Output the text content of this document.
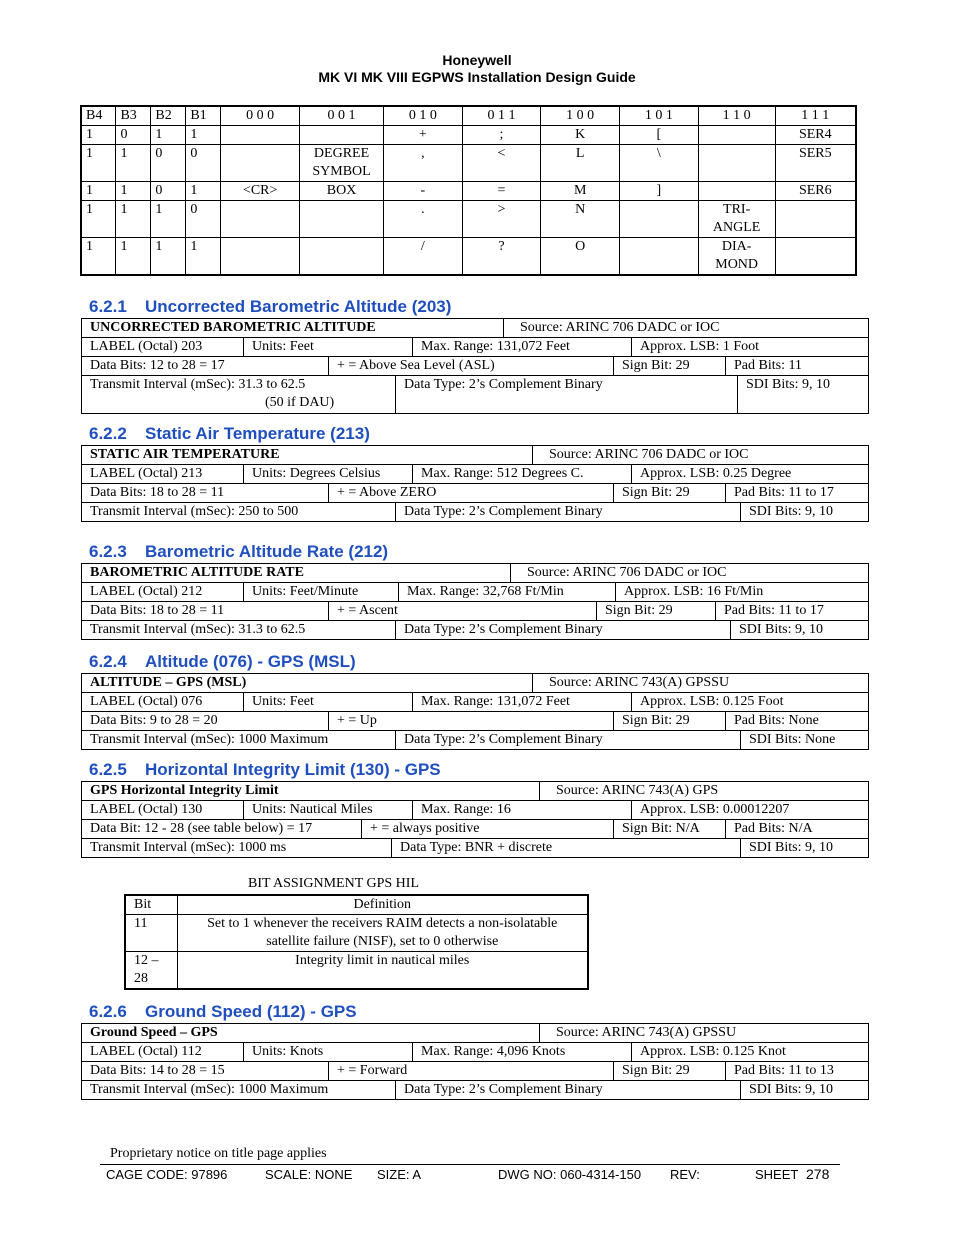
Honeywell
MK VI MK VIII EGPWS Installation Design Guide
B4	B3	B2	B1	0 0 0	0 0 1	0 1 0	0 1 1	1 0 0	1 0 1	1 1 0	1 1 1
1	0	1	1			+	;	K	[		SER4
1	1	0	0		DEGREE SYMBOL	,	<	L	\		SER5
1	1	0	1	<CR>	BOX	-	=	M	]		SER6
1	1	1	0			.	>	N		TRI-ANGLE	
1	1	1	1			/	?	O		DIA-MOND	
6.2.1 Uncorrected Barometric Altitude (203)
UNCORRECTED BAROMETRIC ALTITUDE	Source: ARINC 706 DADC or IOC
LABEL (Octal) 203	Units: Feet	Max. Range: 131,072 Feet	Approx. LSB: 1 Foot
Data Bits: 12 to 28 = 17	+ = Above Sea Level (ASL)	Sign Bit: 29	Pad Bits: 11
Transmit Interval (mSec): 31.3 to 62.5
(50 if DAU)
Data Type: 2’s Complement Binary	SDI Bits: 9, 10
6.2.2 Static Air Temperature (213)
STATIC AIR TEMPERATURE	Source: ARINC 706 DADC or IOC
LABEL (Octal) 213	Units: Degrees Celsius	Max. Range: 512 Degrees C.	Approx. LSB: 0.25 Degree
Data Bits: 18 to 28 = 11	+ = Above ZERO	Sign Bit: 29	Pad Bits: 11 to 17
Transmit Interval (mSec): 250 to 500	Data Type: 2’s Complement Binary	SDI Bits: 9, 10
6.2.3 Barometric Altitude Rate (212)
BAROMETRIC ALTITUDE RATE	Source: ARINC 706 DADC or IOC
LABEL (Octal) 212	Units: Feet/Minute	Max. Range: 32,768 Ft/Min	Approx. LSB: 16 Ft/Min
Data Bits: 18 to 28 = 11	+ = Ascent	Sign Bit: 29	Pad Bits: 11 to 17
Transmit Interval (mSec): 31.3 to 62.5	Data Type: 2’s Complement Binary	SDI Bits: 9, 10
6.2.4 Altitude (076) - GPS (MSL)
ALTITUDE – GPS (MSL)	Source: ARINC 743(A) GPSSU
LABEL (Octal) 076	Units: Feet	Max. Range: 131,072 Feet	Approx. LSB: 0.125 Foot
Data Bits: 9 to 28 = 20	+ = Up	Sign Bit: 29	Pad Bits: None
Transmit Interval (mSec): 1000 Maximum	Data Type: 2’s Complement Binary	SDI Bits: None
6.2.5 Horizontal Integrity Limit (130) - GPS
GPS Horizontal Integrity Limit	Source: ARINC 743(A) GPS
LABEL (Octal) 130	Units: Nautical Miles	Max. Range: 16	Approx. LSB: 0.00012207
Data Bit: 12 - 28 (see table below) = 17	+ = always positive	Sign Bit: N/A	Pad Bits: N/A
Transmit Interval (mSec): 1000 ms	Data Type: BNR + discrete	SDI Bits: 9, 10
6.2.6 Ground Speed (112) - GPS
Ground Speed – GPS	Source: ARINC 743(A) GPSSU
LABEL (Octal) 112	Units: Knots	Max. Range: 4,096 Knots	Approx. LSB: 0.125 Knot
Data Bits: 14 to 28 = 15	+ = Forward	Sign Bit: 29	Pad Bits: 11 to 13
Transmit Interval (mSec): 1000 Maximum	Data Type: 2’s Complement Binary	SDI Bits: 9, 10
BIT ASSIGNMENT GPS HIL
Bit	Definition
11	Set to 1 whenever the receivers RAIM detects a non-isolatable satellite failure (NISF), set to 0 otherwise
12 – 28	Integrity limit in nautical miles
Proprietary notice on title page applies
CAGE CODE: 97896	SCALE: NONE SIZE: A	DWG NO: 060-4314-150 REV:	SHEET 278
